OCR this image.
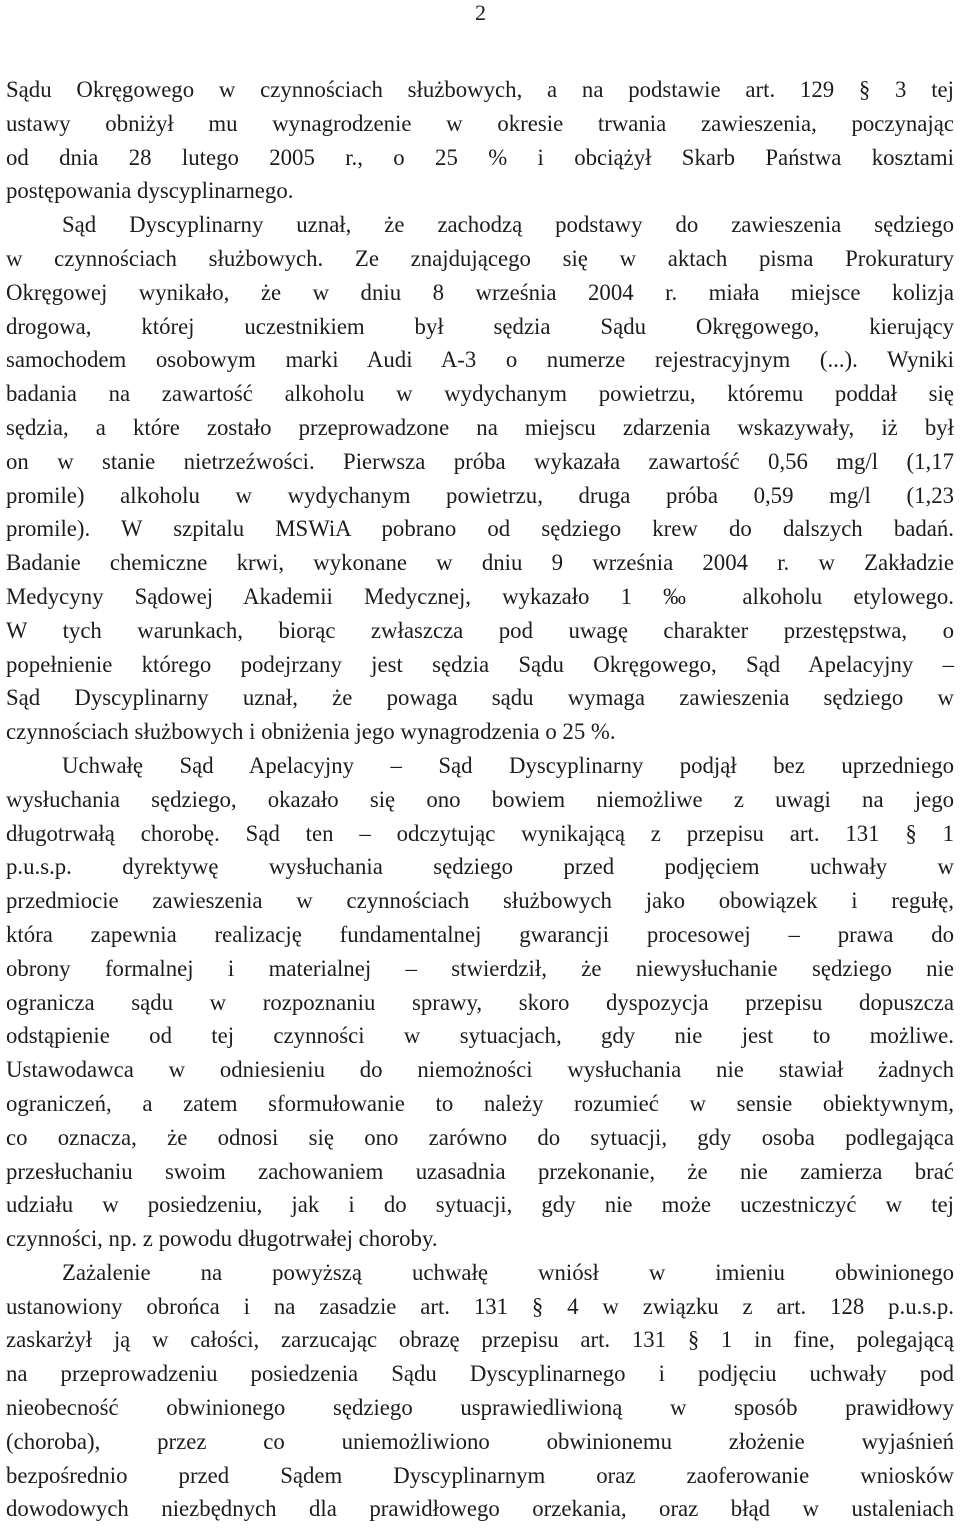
2

Sądu Okręgowego w czynnościach służbowych, a na podstawie art. 129 § 3 tej
ustawy obniżył mu wynagrodzenie w okresie trwania zawieszenia, poczynając
od dnia 28 lutego 2005 r., o 25 % i obciążył Skarb Państwa kosztami
postępowania dyscyplinarnego.

Sąd Dyscyplinarny uznał, że zachodzą podstawy do zawieszenia sędziego
w czynnościach służbowych. Ze znajdującego się w aktach pisma Prokuratury
Okręgowej wynikało, że w dniu 8 września 2004 r. miała miejsce kolizja
drogowa, której uczestnikiem był sędzia Sądu Okręgowego, kierujący
samochodem osobowym marki Audi A-3 o numerze rejestracyjnym (...). Wyniki
badania na zawartość alkoholu w wydychanym powietrzu, któremu poddał się
sędzia, a które zostało przeprowadzone na miejscu zdarzenia wskazywały, iż był
on w stanie nietrzeźwości. Pierwsza próba wykazała zawartość 0,56 mg/l (1,17
promile) alkoholu w wydychanym powietrzu, druga próba 0,59 mg/l (1,23
promile). W szpitalu MSWiA pobrano od sędziego krew do dalszych badań.
Badanie chemiczne krwi, wykonane w dniu 9 września 2004 r. w Zakładzie
Medycyny Sądowej Akademii Medycznej, wykazało 1 ‰ alkoholu etylowego.
W tych warunkach, biorąc zwłaszcza pod uwagę charakter przestępstwa, o
popełnienie którego podejrzany jest sędzia Sądu Okręgowego, Sąd Apelacyjny –
Sąd Dyscyplinarny uznał, że powaga sądu wymaga zawieszenia sędziego w
czynnościach służbowych i obniżenia jego wynagrodzenia o 25 %.

Uchwałę Sąd Apelacyjny – Sąd Dyscyplinarny podjął bez uprzedniego
wysłuchania sędziego, okazało się ono bowiem niemożliwe z uwagi na jego
długotrwałą chorobę. Sąd ten – odczytując wynikającą z przepisu art. 131 § 1
p.u.s.p. dyrektywę wysłuchania sędziego przed podjęciem uchwały w
przedmiocie zawieszenia w czynnościach służbowych jako obowiązek i regułę,
która zapewnia realizację fundamentalnej gwarancji procesowej – prawa do
obrony formalnej i materialnej – stwierdził, że niewysłuchanie sędziego nie
ogranicza sądu w rozpoznaniu sprawy, skoro dyspozycja przepisu dopuszcza
odstąpienie od tej czynności w sytuacjach, gdy nie jest to możliwe.
Ustawodawca w odniesieniu do niemożności wysłuchania nie stawiał żadnych
ograniczeń, a zatem sformułowanie to należy rozumieć w sensie obiektywnym,
co oznacza, że odnosi się ono zarówno do sytuacji, gdy osoba podlegająca
przesłuchaniu swoim zachowaniem uzasadnia przekonanie, że nie zamierza brać
udziału w posiedzeniu, jak i do sytuacji, gdy nie może uczestniczyć w tej
czynności, np. z powodu długotrwałej choroby.

Zażalenie na powyższą uchwałę wniósł w imieniu obwinionego
ustanowiony obrońca i na zasadzie art. 131 § 4 w związku z art. 128 p.u.s.p.
zaskarżył ją w całości, zarzucając obrazę przepisu art. 131 § 1 in fine, polegającą
na przeprowadzeniu posiedzenia Sądu Dyscyplinarnego i podjęciu uchwały pod
nieobecność obwinionego sędziego usprawiedliwioną w sposób prawidłowy
(choroba), przez co uniemożliwiono obwinionemu złożenie wyjaśnień
bezpośrednio przed Sądem Dyscyplinarnym oraz zaoferowanie wniosków
dowodowych niezbędnych dla prawidłowego orzekania, oraz błąd w ustaleniach
